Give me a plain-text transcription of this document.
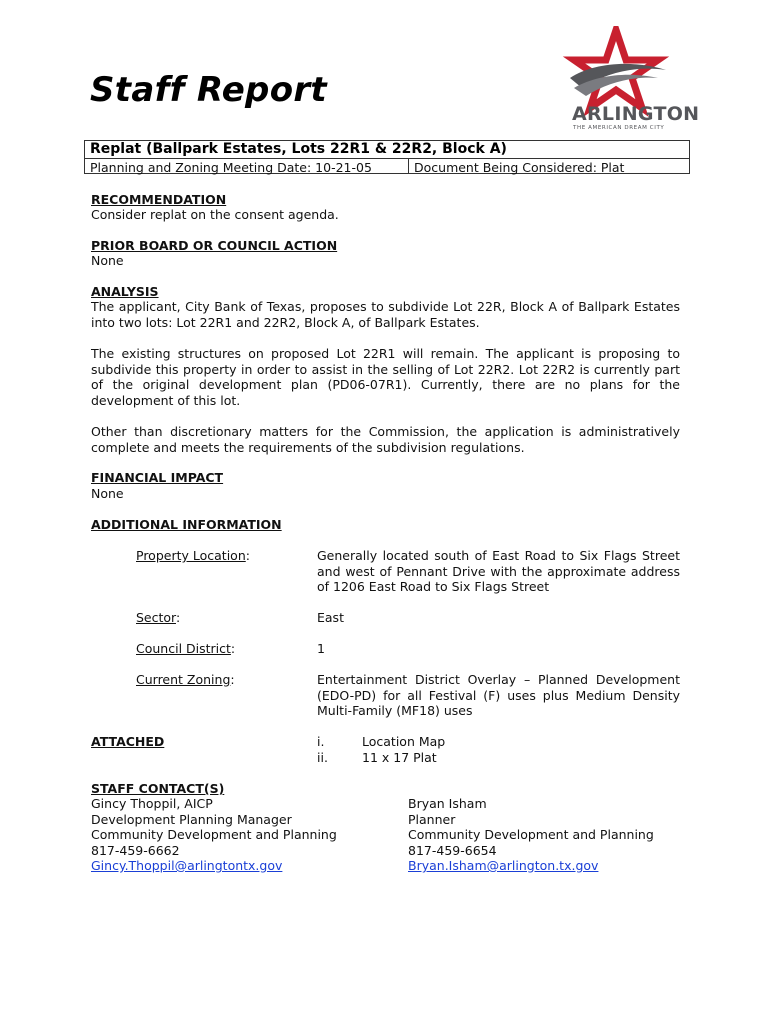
Staff Report
ARLINGTON
THE AMERICAN DREAM CITY
Replat (Ballpark Estates, Lots 22R1 & 22R2, Block A)
Planning and Zoning Meeting Date: 10-21-05	Document Being Considered: Plat
RECOMMENDATION
Consider replat on the consent agenda.
PRIOR BOARD OR COUNCIL ACTION
None
ANALYSIS
The applicant, City Bank of Texas, proposes to subdivide Lot 22R, Block A of Ballpark Estates into two lots: Lot 22R1 and 22R2, Block A, of Ballpark Estates.
The existing structures on proposed Lot 22R1 will remain. The applicant is proposing to subdivide this property in order to assist in the selling of Lot 22R2. Lot 22R2 is currently part of the original development plan (PD06-07R1). Currently, there are no plans for the development of this lot.
Other than discretionary matters for the Commission, the application is administratively complete and meets the requirements of the subdivision regulations.
FINANCIAL IMPACT
None
ADDITIONAL INFORMATION
Property Location:	Generally located south of East Road to Six Flags Street and west of Pennant Drive with the approximate address of 1206 East Road to Six Flags Street
Sector:	East
Council District:	1
Current Zoning:	Entertainment District Overlay – Planned Development (EDO-PD) for all Festival (F) uses plus Medium Density Multi-Family (MF18) uses
ATTACHED	i.	Location Map
ii.	11 x 17 Plat
STAFF CONTACT(S)
Gincy Thoppil, AICP
Development Planning Manager
Community Development and Planning
817-459-6662
Gincy.Thoppil@arlingtontx.gov
Bryan Isham
Planner
Community Development and Planning
817-459-6654
Bryan.Isham@arlington.tx.gov
